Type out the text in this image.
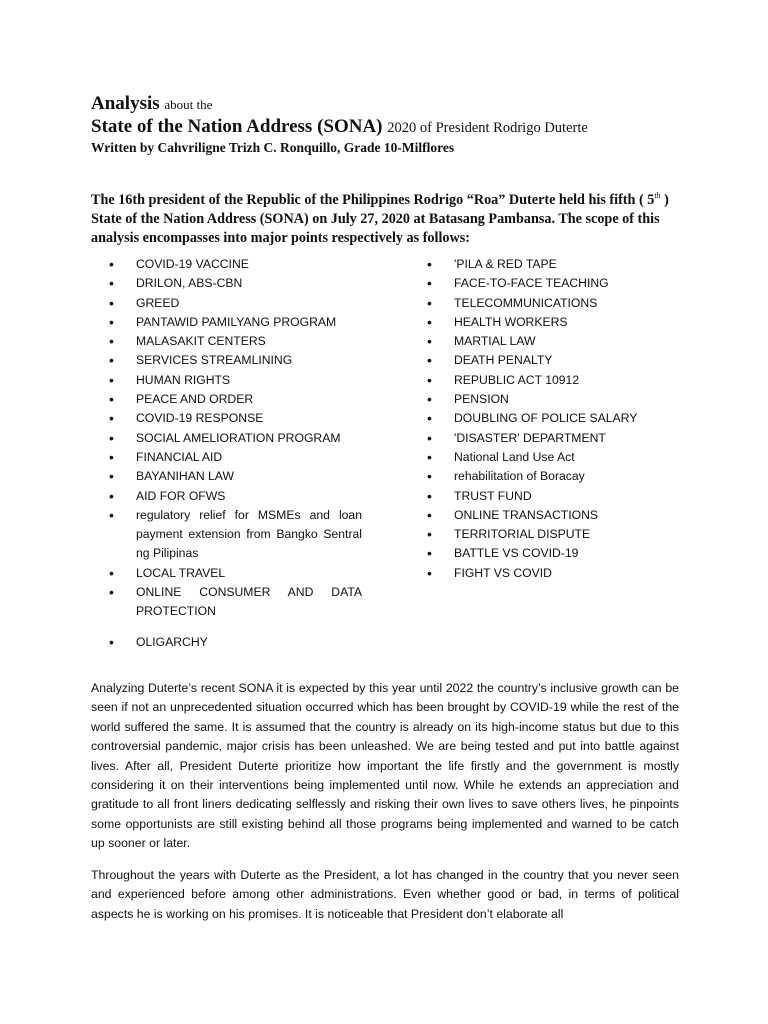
Analysis about the
State of the Nation Address (SONA) 2020 of President Rodrigo Duterte
Written by Cahvriligne Trizh C. Ronquillo, Grade 10-Milflores
The 16th president of the Republic of the Philippines Rodrigo “Roa” Duterte held his fifth ( 5th ) State of the Nation Address (SONA) on July 27, 2020 at Batasang Pambansa. The scope of this analysis encompasses into major points respectively as follows:
• COVID-19 VACCINE
• DRILON, ABS-CBN
• GREED
• PANTAWID PAMILYANG PROGRAM
• MALASAKIT CENTERS
• SERVICES STREAMLINING
• HUMAN RIGHTS
• PEACE AND ORDER
• COVID-19 RESPONSE
• SOCIAL AMELIORATION PROGRAM
• FINANCIAL AID
• BAYANIHAN LAW
• AID FOR OFWS
• regulatory relief for MSMEs and loan payment extension from Bangko Sentral ng Pilipinas
• LOCAL TRAVEL
• ONLINE CONSUMER AND DATA PROTECTION
• OLIGARCHY
• 'PILA & RED TAPE
• FACE-TO-FACE TEACHING
• TELECOMMUNICATIONS
• HEALTH WORKERS
• MARTIAL LAW
• DEATH PENALTY
• REPUBLIC ACT 10912
• PENSION
• DOUBLING OF POLICE SALARY
• 'DISASTER' DEPARTMENT
• National Land Use Act
• rehabilitation of Boracay
• TRUST FUND
• ONLINE TRANSACTIONS
• TERRITORIAL DISPUTE
• BATTLE VS COVID-19
• FIGHT VS COVID

Analyzing Duterte’s recent SONA it is expected by this year until 2022 the country’s inclusive growth can be seen if not an unprecedented situation occurred which has been brought by COVID-19 while the rest of the world suffered the same. It is assumed that the country is already on its high-income status but due to this controversial pandemic, major crisis has been unleashed. We are being tested and put into battle against lives. After all, President Duterte prioritize how important the life firstly and the government is mostly considering it on their interventions being implemented until now. While he extends an appreciation and gratitude to all front liners dedicating selflessly and risking their own lives to save others lives, he pinpoints some opportunists are still existing behind all those programs being implemented and warned to be catch up sooner or later.

Throughout the years with Duterte as the President, a lot has changed in the country that you never seen and experienced before among other administrations. Even whether good or bad, in terms of political aspects he is working on his promises. It is noticeable that President don’t elaborate all
